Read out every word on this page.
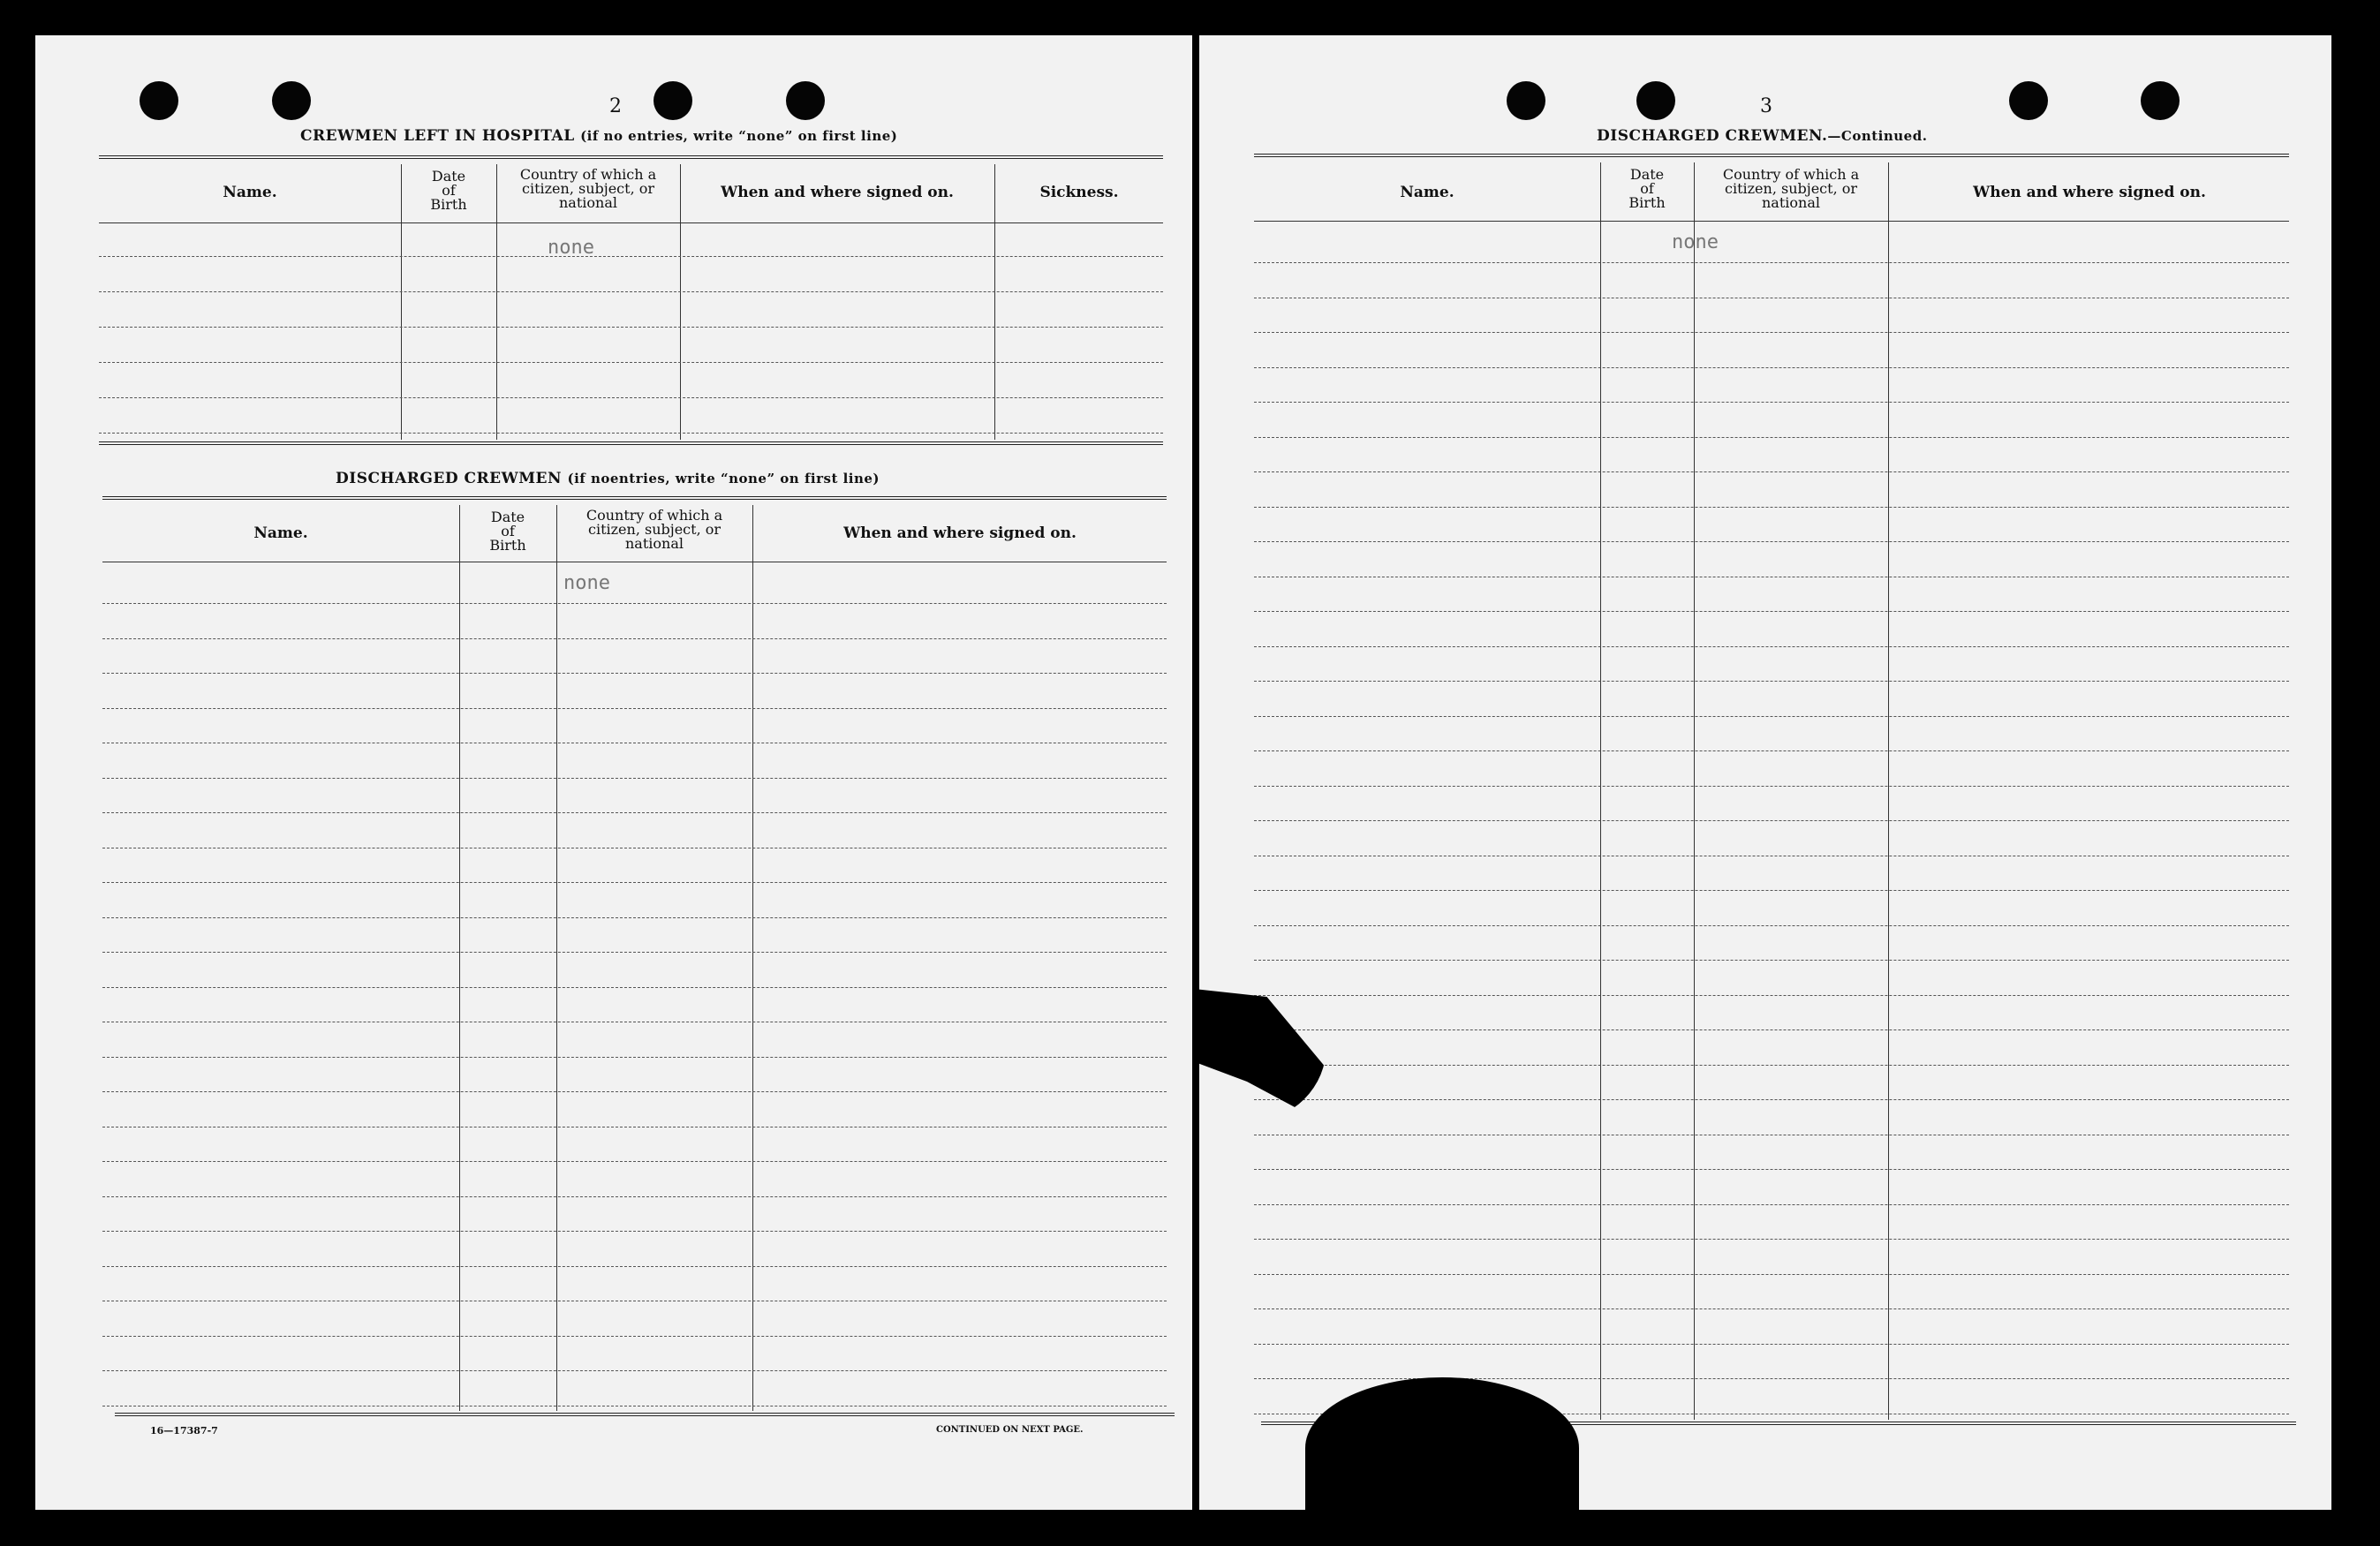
2
CREWMEN LEFT IN HOSPITAL (if no entries, write “none” on first line)
Name.
Date
of
Birth
Country of which a
citizen, subject, or
national
When and where signed on.	Sickness.
none
DISCHARGED CREWMEN (if noentries, write “none” on first line)
Name.
Date
of
Birth
Country of which a
citizen, subject, or
national
When and where signed on.
none
16—17387-7	CONTINUED ON NEXT PAGE.
3
DISCHARGED CREWMEN.—Continued.
Name.
Date
of
Birth
Country of which a
citizen, subject, or
national
When and where signed on.
none
